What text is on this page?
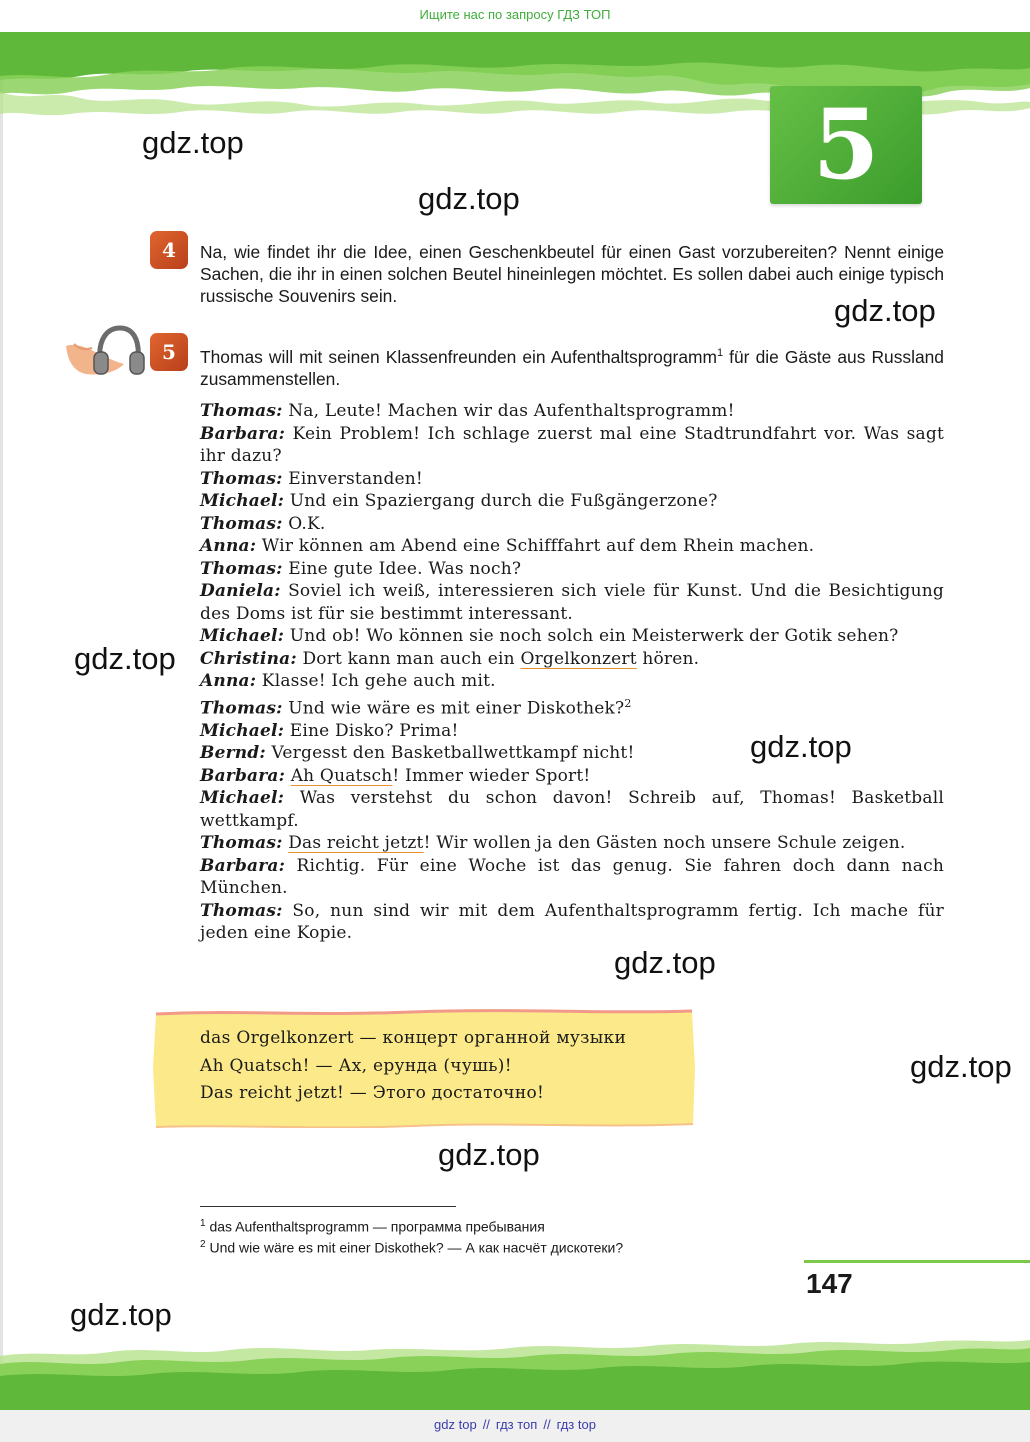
Ищите нас по запросу ГДЗ ТОП
5
gdz.top
gdz.top
gdz.top
gdz.top
gdz.top
gdz.top
gdz.top
gdz.top
gdz.top
4	Na, wie findet ihr die Idee, einen Geschenkbeutel für einen Gast vorzubereiten? Nennt einige Sachen, die ihr in einen solchen Beutel hineinlegen möchtet. Es sollen dabei auch einige typisch russische Souvenirs sein.
5	Thomas will mit seinen Klassenfreunden ein Aufenthaltsprogramm$^1$ für die Gäste aus Russland zusammenstellen.
Thomas: Na, Leute! Machen wir das Aufenthaltsprogramm!
Barbara: Kein Problem! Ich schlage zuerst mal eine Stadtrundfahrt vor. Was sagt ihr dazu?
Thomas: Einverstanden!
Michael: Und ein Spaziergang durch die Fußgängerzone?
Thomas: O.K.
Anna: Wir können am Abend eine Schifffahrt auf dem Rhein machen.
Thomas: Eine gute Idee. Was noch?
Daniela: Soviel ich weiß, interessieren sich viele für Kunst. Und die Besichtigung des Doms ist für sie bestimmt interessant.
Michael: Und ob! Wo können sie noch solch ein Meisterwerk der Gotik sehen?
Christina: Dort kann man auch ein Orgelkonzert hören.
Anna: Klasse! Ich gehe auch mit.
Thomas: Und wie wäre es mit einer Diskothek?$^2$
Michael: Eine Disko? Prima!
Bernd: Vergesst den Basketballwettkampf nicht!
Barbara: Ah Quatsch! Immer wieder Sport!
Michael: Was verstehst du schon davon! Schreib auf, Thomas! Basketball wettkampf.
Thomas: Das reicht jetzt! Wir wollen ja den Gästen noch unsere Schule zeigen.
Barbara: Richtig. Für eine Woche ist das genug. Sie fahren doch dann nach München.
Thomas: So, nun sind wir mit dem Aufenthaltsprogramm fertig. Ich mache für jeden eine Kopie.
das Orgelkonzert — концерт органной музыки
Ah Quatsch! — Ах, ерунда (чушь)!
Das reicht jetzt! — Этого достаточно!
$^1$ das Aufenthaltsprogramm — программа пребывания
$^2$ Und wie wäre es mit einer Diskothek? — А как насчёт дискотеки?
147
gdz top // гдз топ // гдз top
